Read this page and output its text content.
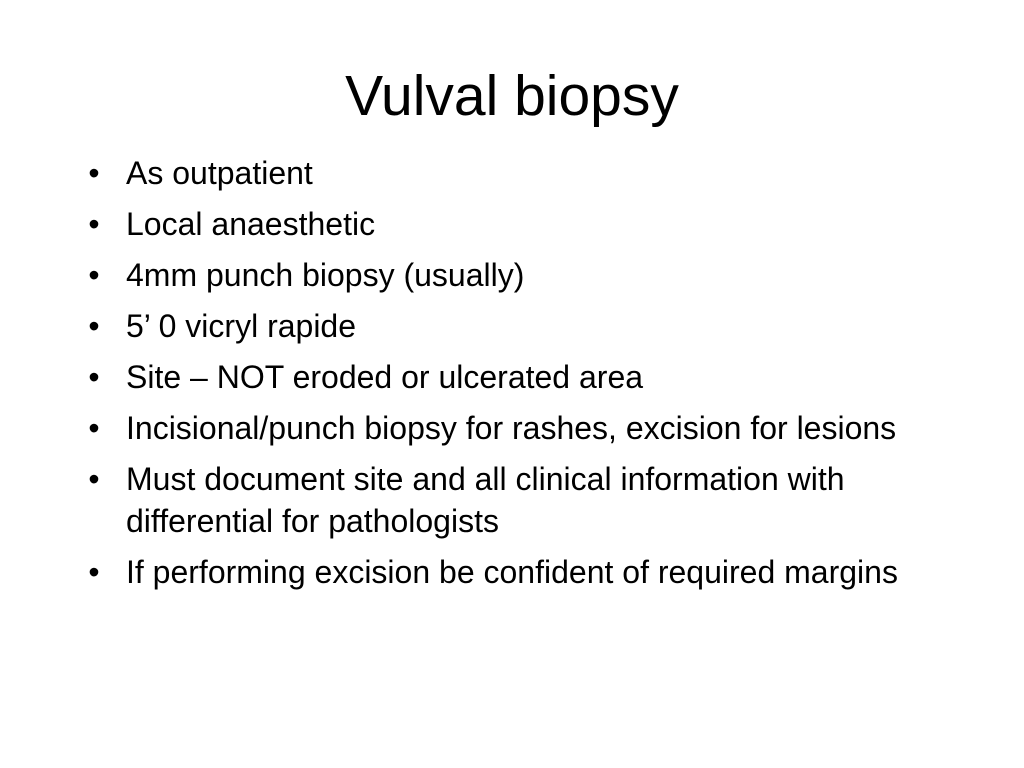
Vulval biopsy
• As outpatient
• Local anaesthetic
• 4mm punch biopsy (usually)
• 5’ 0 vicryl rapide
• Site – NOT eroded or ulcerated area
• Incisional/punch biopsy for rashes, excision for lesions
• Must document site and all clinical information with differential for pathologists
• If performing excision be confident of required margins
